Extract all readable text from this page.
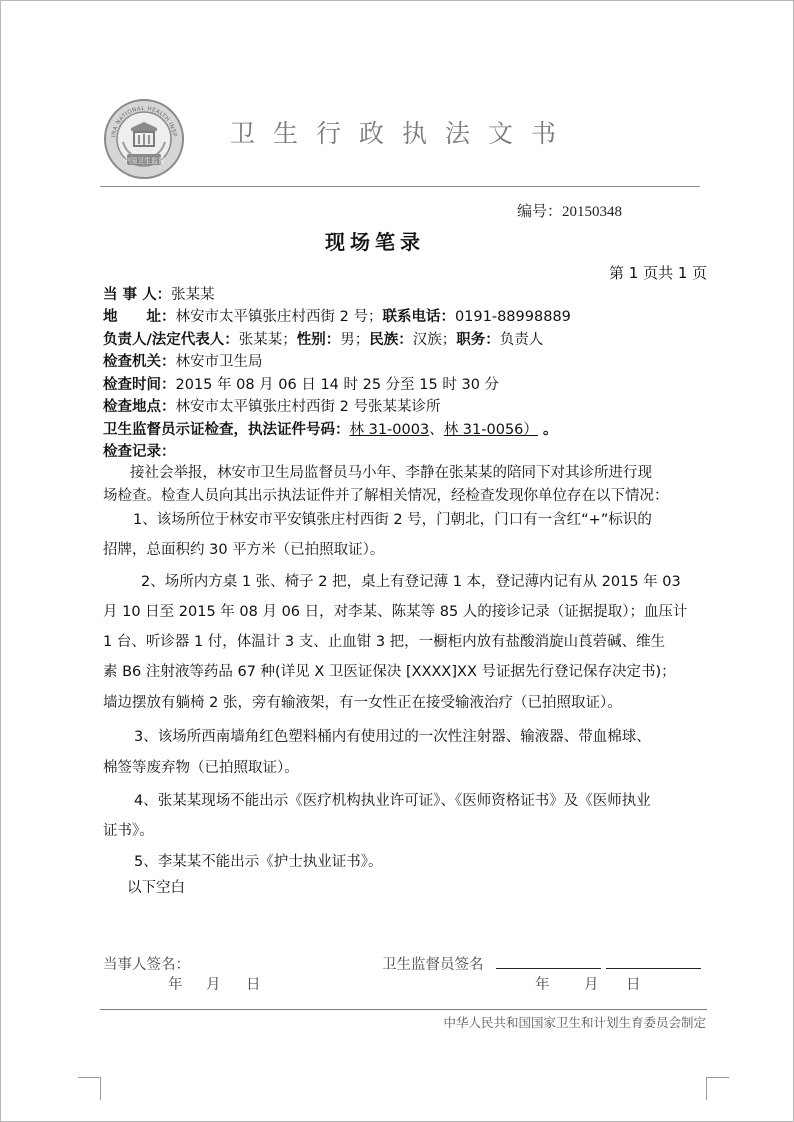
INA NATIONAL HEALTH INSP
中国卫生监督
卫生行政执法文书
编号：20150348
现场笔录
第 1 页共 1 页
当 事 人：张某某
地　　址：林安市太平镇张庄村西街 2 号；联系电话：0191-88998889
负责人/法定代表人：张某某；性别：男；民族：汉族；职务：负责人
检查机关：林安市卫生局
检查时间：2015 年 08 月 06 日 14 时 25 分至 15 时 30 分
检查地点：林安市太平镇张庄村西街 2 号张某某诊所
卫生监督员示证检查，执法证件号码：林 31-0003、林 31-0056） 。
检查记录：
接社会举报，林安市卫生局监督员马小年、李静在张某某的陪同下对其诊所进行现
场检查。检查人员向其出示执法证件并了解相关情况，经检查发现你单位存在以下情况：
1、该场所位于林安市平安镇张庄村西街 2 号，门朝北，门口有一含红“+”标识的
招牌，总面积约 30 平方米（已拍照取证）。
2、场所内方桌 1 张、椅子 2 把，桌上有登记薄 1 本，登记薄内记有从 2015 年 03
月 10 日至 2015 年 08 月 06 日，对李某、陈某等 85 人的接诊记录（证据提取）；血压计
1 台、听诊器 1 付，体温计 3 支、止血钳 3 把，一橱柜内放有盐酸消旋山莨菪碱、维生
素 B6 注射液等药品 67 种(详见 X 卫医证保决 [XXXX]XX 号证据先行登记保存决定书)；
墙边摆放有躺椅 2 张，旁有输液架，有一女性正在接受输液治疗（已拍照取证）。
3、该场所西南墙角红色塑料桶内有使用过的一次性注射器、输液器、带血棉球、
棉签等废弃物（已拍照取证）。
4、张某某现场不能出示《医疗机构执业许可证》、《医师资格证书》及《医师执业
证书》。
5、李某某不能出示《护士执业证书》。
以下空白
当事人签名：	卫生监督员签名
年 月 日	年 月 日
中华人民共和国国家卫生和计划生育委员会制定
